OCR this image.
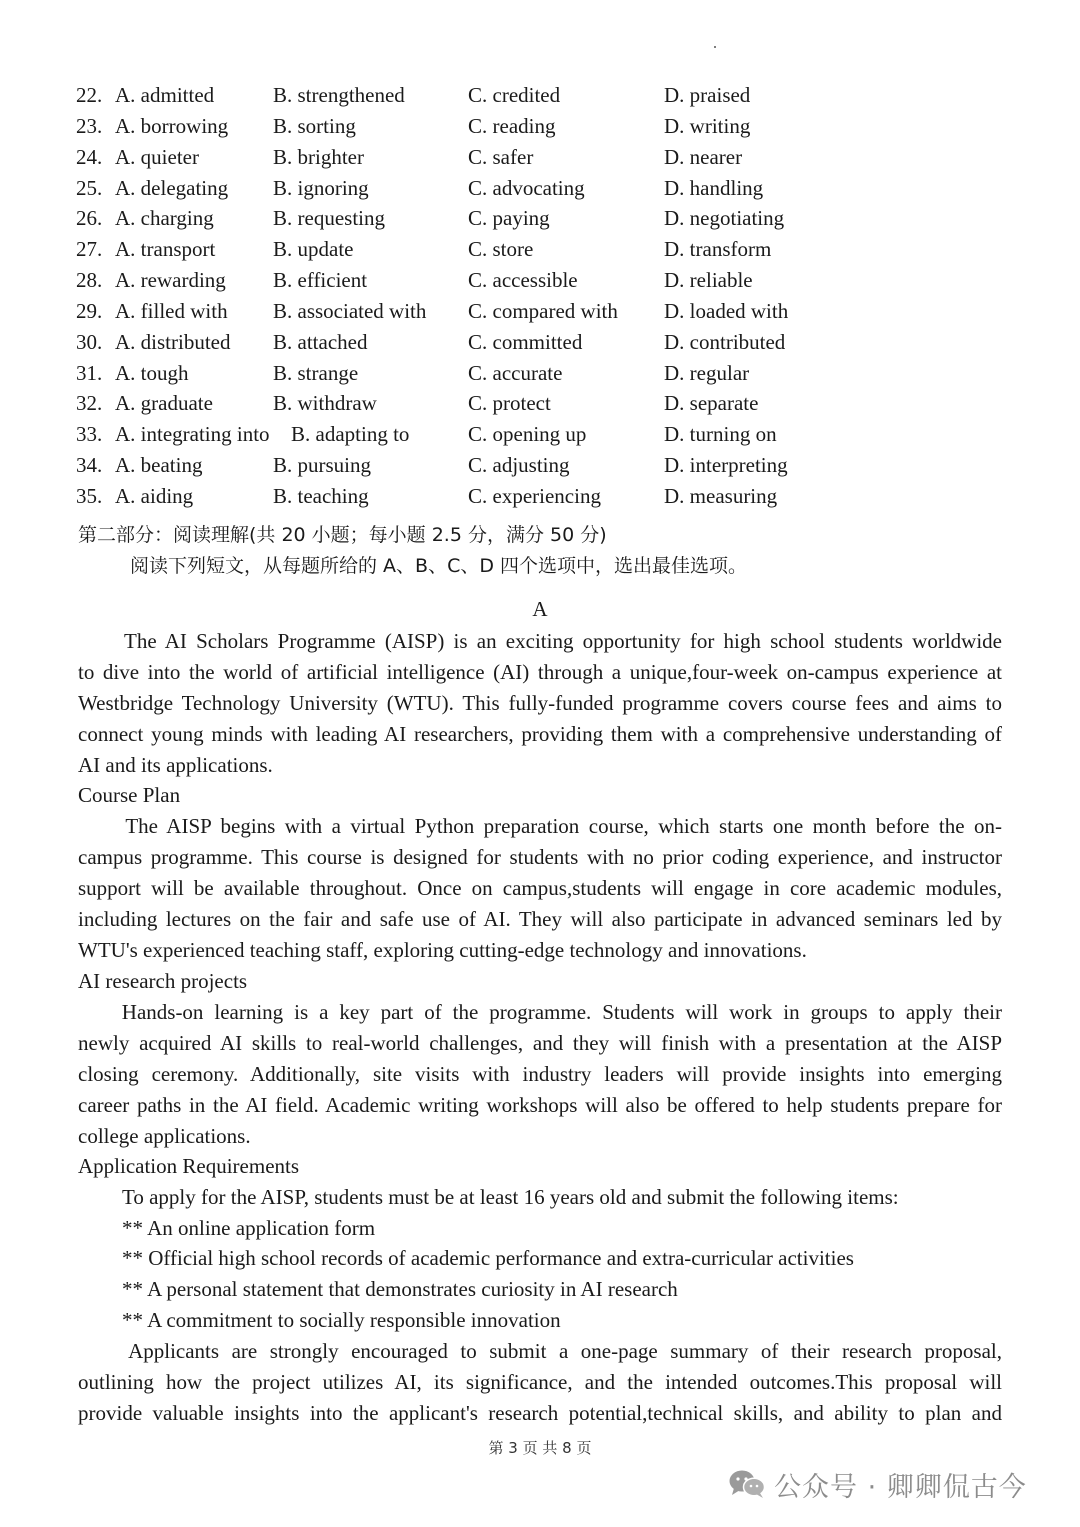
22. A. admitted	B. strengthened	C. credited	D. praised
23. A. borrowing B. sorting	C. reading	D. writing
24. A. quieter	B. brighter	C. safer	D. nearer
25. A. delegating B. ignoring	C. advocating	D. handling
26. A. charging	B. requesting	C. paying	D. negotiating
27. A. transport	B. update	C. store	D. transform
28. A. rewarding B. efficient	C. accessible	D. reliable
29. A. filled with B. associated with C. compared with D. loaded with
30. A. distributed B. attached	C. committed	D. contributed
31. A. tough	B. strange	C. accurate	D. regular
32. A. graduate	B. withdraw	C. protect	D. separate
33. A. integrating into B. adapting to	C. opening up	D. turning on
34. A. beating	B. pursuing	C. adjusting	D. interpreting
35. A. aiding	B. teaching	C. experiencing	D. measuring
第二部分：阅读理解(共 20 小题；每小题 2.5 分，满分 50 分)
阅读下列短文，从每题所给的 A、B、C、D 四个选项中，选出最佳选项。
A

The AI Scholars Programme (AISP) is an exciting opportunity for high school students worldwide

to dive into the world of artificial intelligence (AI) through a unique,four-week on-campus experience at

Westbridge Technology University (WTU). This fully-funded programme covers course fees and aims to

connect young minds with leading AI researchers, providing them with a comprehensive understanding of

AI and its applications.

Course Plan

The AISP begins with a virtual Python preparation course, which starts one month before the on-

campus programme. This course is designed for students with no prior coding experience, and instructor

support will be available throughout. Once on campus,students will engage in core academic modules,

including lectures on the fair and safe use of AI. They will also participate in advanced seminars led by

WTU's experienced teaching staff, exploring cutting-edge technology and innovations.

AI research projects

Hands-on learning is a key part of the programme. Students will work in groups to apply their

newly acquired AI skills to real-world challenges, and they will finish with a presentation at the AISP

closing ceremony. Additionally, site visits with industry leaders will provide insights into emerging

career paths in the AI field. Academic writing workshops will also be offered to help students prepare for

college applications.

Application Requirements
To apply for the AISP, students must be at least 16 years old and submit the following items:
** An online application form
** Official high school records of academic performance and extra-curricular activities
** A personal statement that demonstrates curiosity in AI research
** A commitment to socially responsible innovation

Applicants are strongly encouraged to submit a one-page summary of their research proposal,

outlining how the project utilizes AI, its significance, and the intended outcomes.This proposal will

provide valuable insights into the applicant's research potential,technical skills, and ability to plan and

第 3 页 共 8 页
公众号 · 卿卿侃古今
